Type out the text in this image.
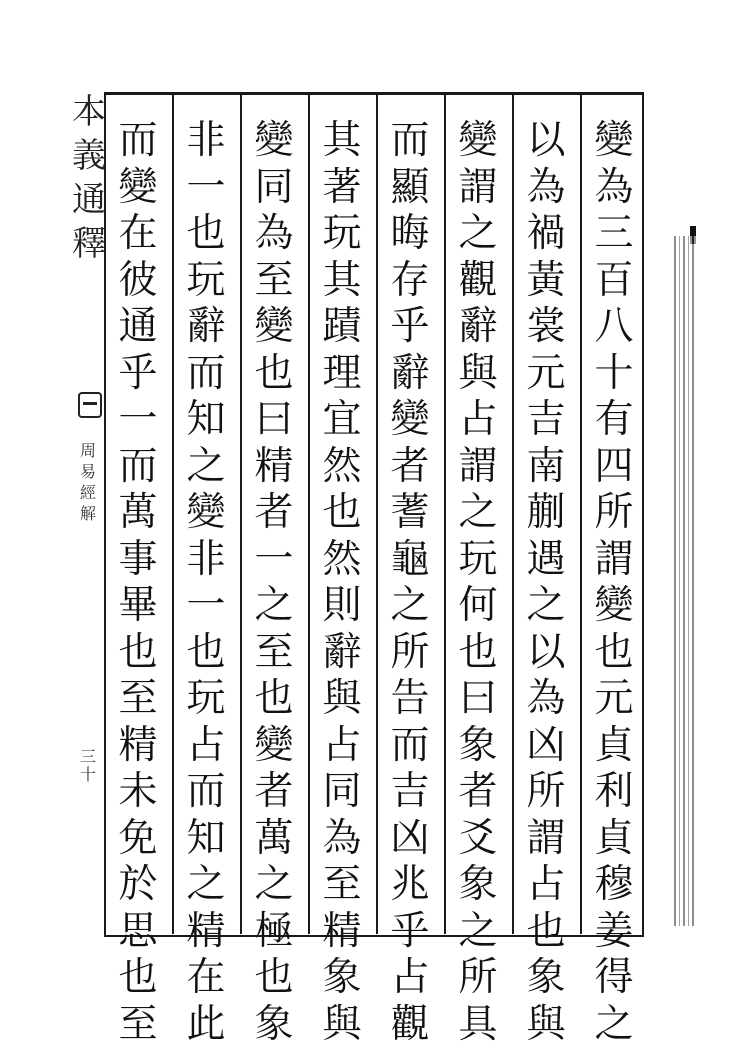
本義通釋
周易經解
三十
變為三百八十有四所謂變也元貞利貞穆姜得之
以為禍黃裳元吉南蒯遇之以為凶所謂占也象與
變謂之觀辭與占謂之玩何也曰象者爻象之所具
而顯晦存乎辭變者蓍龜之所告而吉凶兆乎占觀
其著玩其蹟理宜然也然則辭與占同為至精象與
變同為至變也曰精者一之至也變者萬之極也象
非一也玩辭而知之變非一也玩占而知之精在此
而變在彼通乎一而萬事畢也至精未免於思也至
